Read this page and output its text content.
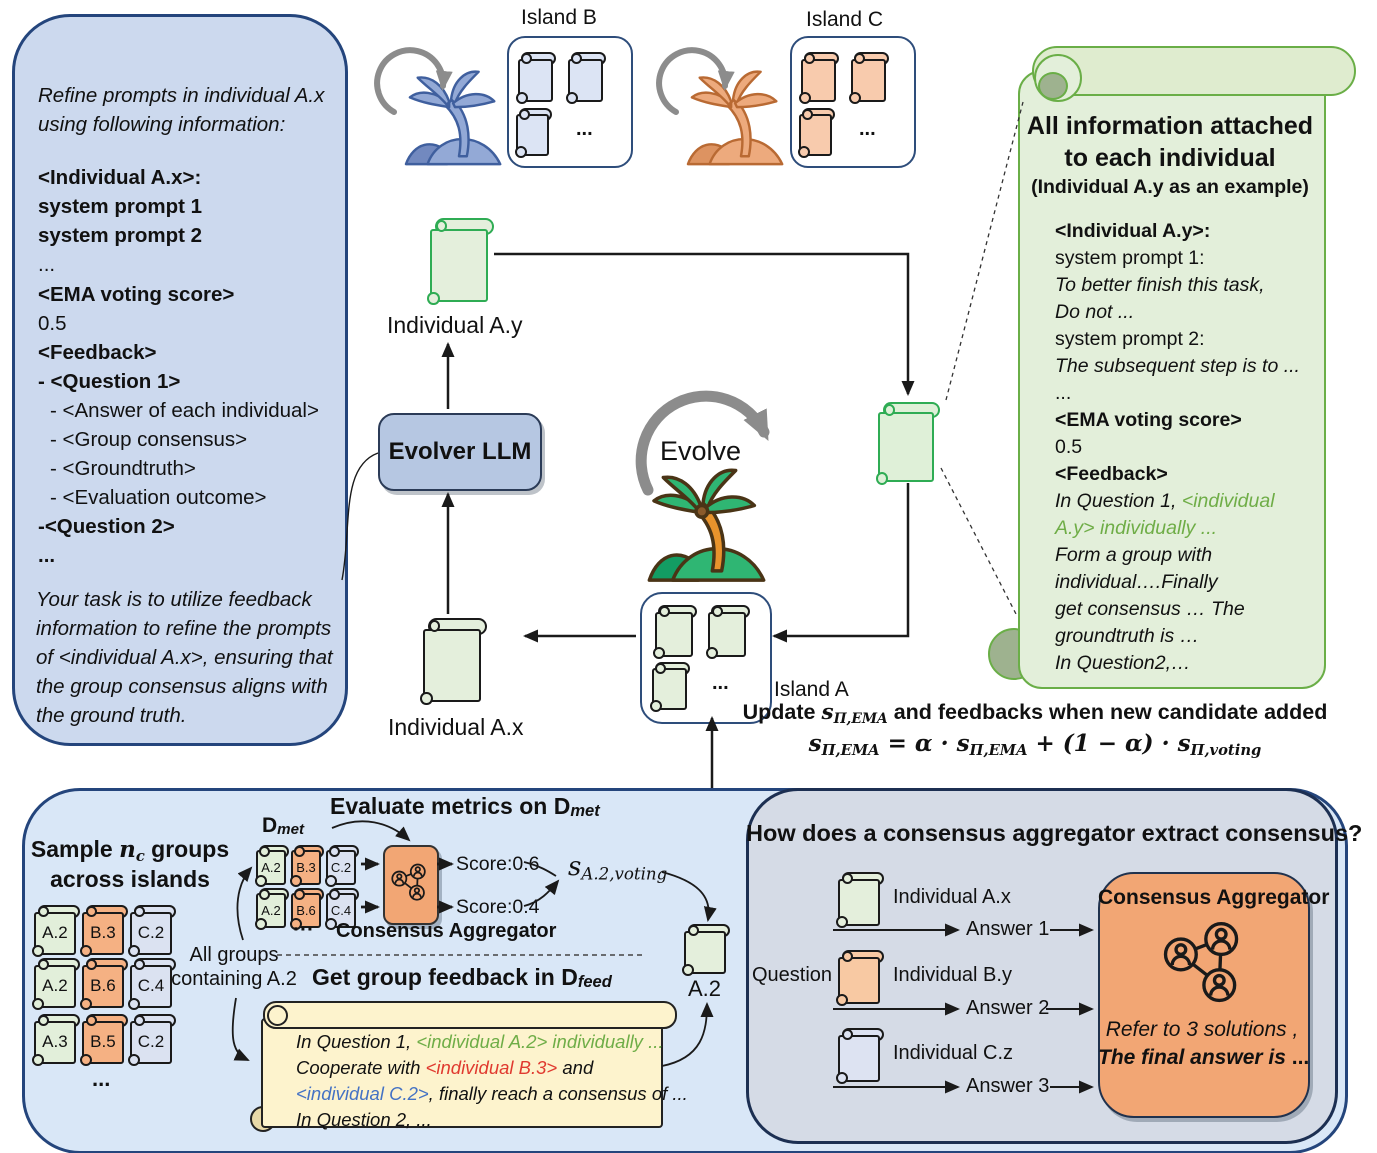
Refine prompts in individual A.x
using following information:
<Individual A.x>:
system prompt 1
system prompt 2
...
<EMA voting score>
0.5
<Feedback>
- <Question 1>
- <Answer of each individual>
- <Group consensus>
- <Groundtruth>
- <Evaluation outcome>
-<Question 2>
...
Your task is to utilize feedback
information to refine the prompts
of <individual A.x>, ensuring that
the group consensus aligns with
the ground truth.
Island B
...
Island C
...	All information attached
to each individual
(Individual A.y as an example)
<Individual A.y>:
system prompt 1:
To better finish this task,
Do not ...
system prompt 2:
The subsequent step is to ...
...
<EMA voting score>
0.5
<Feedback>
In Question 1, <individual
A.y> individually ...
Form a group with
individual….Finally
get consensus … The
groundtruth is …
In Question2,…
Individual A.y
Evolver LLM
Individual A.x
Evolve
... Island A
Update sΠ,EMA and feedbacks when new candidate added
sΠ,EMA = α · sΠ,EMA + (1 − α) · sΠ,voting
Sample nc groups
across islands
A.2	B.3	C.2
A.2	B.6	C.4
A.3	B.5	C.2
...
All groups
containing A.2
Evaluate metrics on Dmet
Dmet
A.2	B.3	C.2
A.2	B.6	C.4
Score:0.6
Score:0.4
sA.2,voting
··· Consensus Aggregator
Get group feedback in Dfeed
In Question 1, <individual A.2> individually ...
Cooperate with <individual B.3> and
<individual C.2>, finally reach a consensus of ...
In Question 2, ...
A.2
How does a consensus aggregator extract consensus?
Question
Individual A.x
Answer 1
Individual B.y
Answer 2
Individual C.z
Answer 3
Consensus Aggregator
Refer to 3 solutions ,
The final answer is ...
